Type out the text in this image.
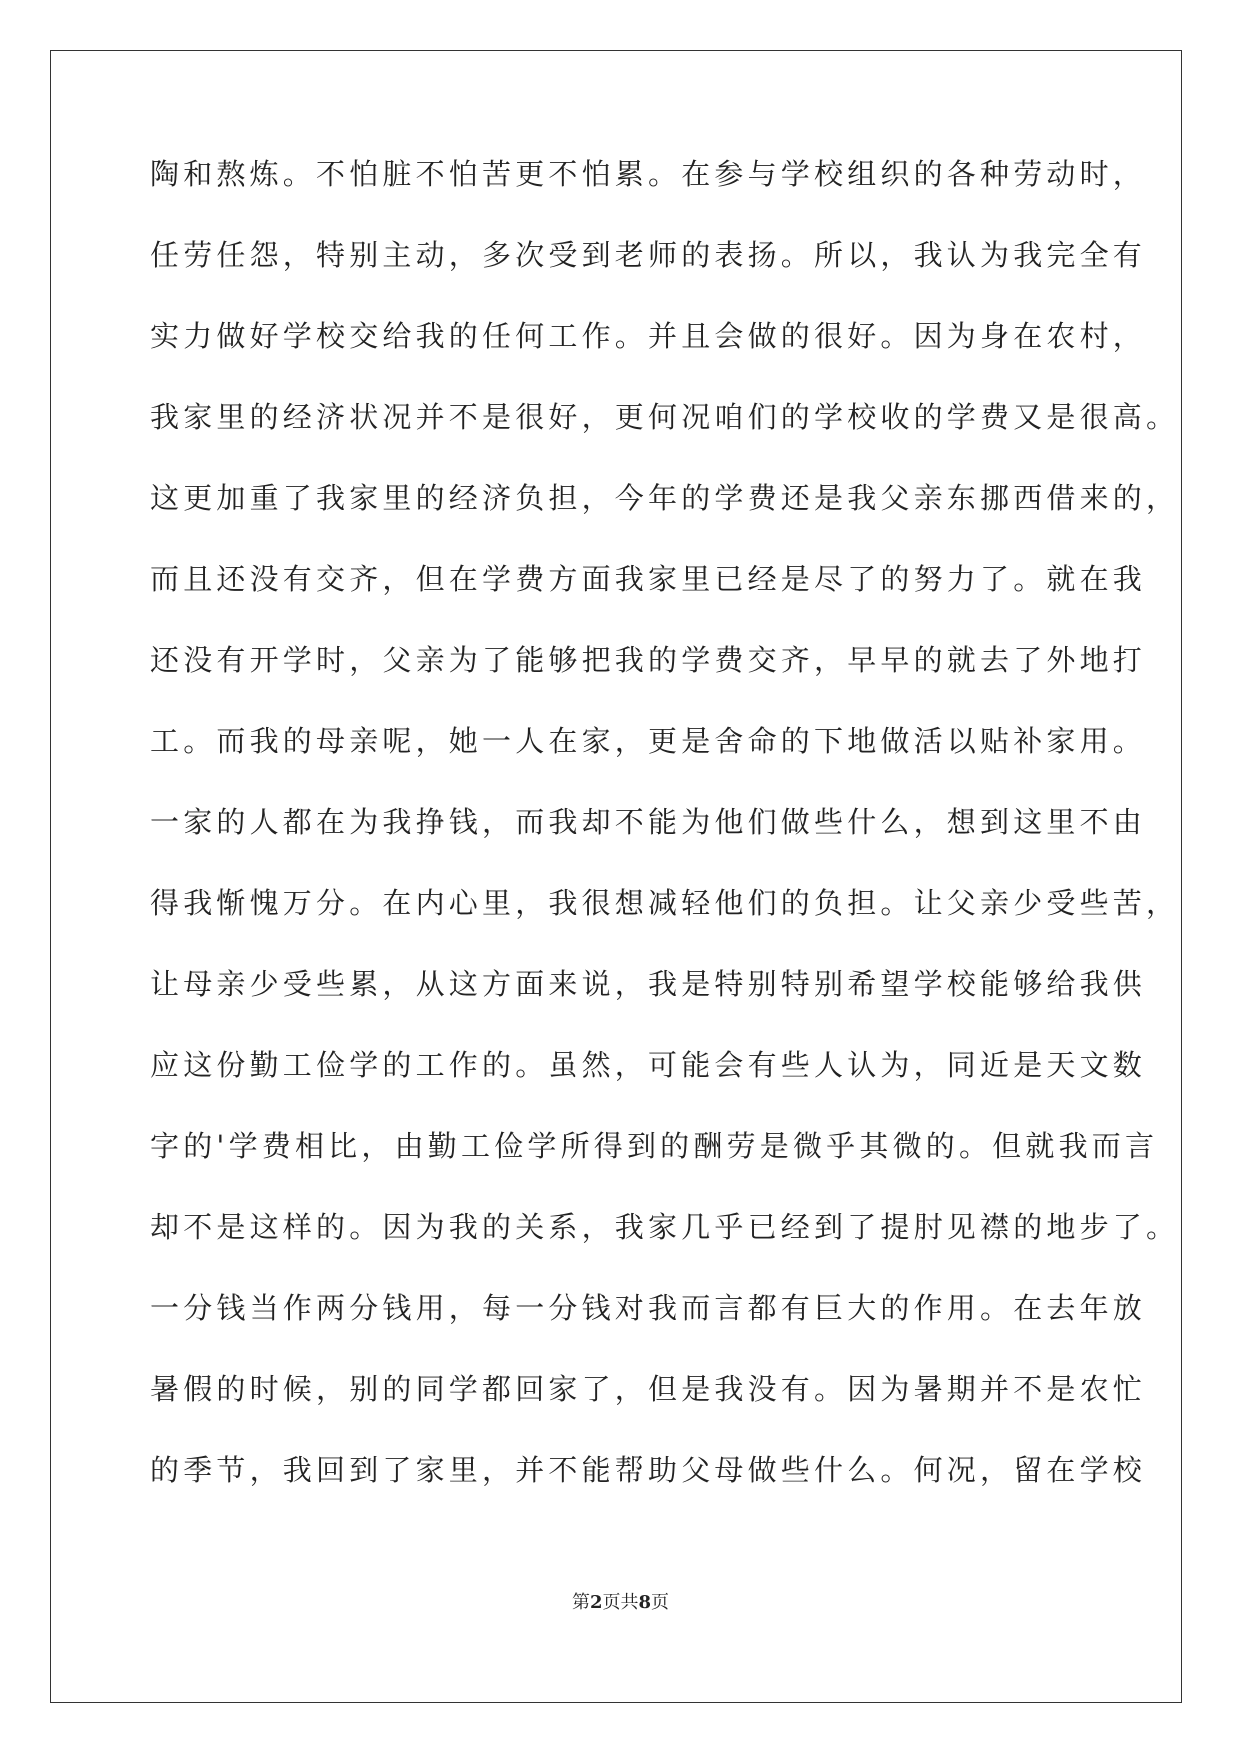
陶和熬炼。不怕脏不怕苦更不怕累。在参与学校组织的各种劳动时，
任劳任怨，特别主动，多次受到老师的表扬。所以，我认为我完全有
实力做好学校交给我的任何工作。并且会做的很好。因为身在农村，
我家里的经济状况并不是很好，更何况咱们的学校收的学费又是很高。
这更加重了我家里的经济负担，今年的学费还是我父亲东挪西借来的，
而且还没有交齐，但在学费方面我家里已经是尽了的努力了。就在我
还没有开学时，父亲为了能够把我的学费交齐，早早的就去了外地打
工。而我的母亲呢，她一人在家，更是舍命的下地做活以贴补家用。
一家的人都在为我挣钱，而我却不能为他们做些什么，想到这里不由
得我惭愧万分。在内心里，我很想减轻他们的负担。让父亲少受些苦，
让母亲少受些累，从这方面来说，我是特别特别希望学校能够给我供
应这份勤工俭学的工作的。虽然，可能会有些人认为，同近是天文数
字的'学费相比，由勤工俭学所得到的酬劳是微乎其微的。但就我而言
却不是这样的。因为我的关系，我家几乎已经到了提肘见襟的地步了。
一分钱当作两分钱用，每一分钱对我而言都有巨大的作用。在去年放
暑假的时候，别的同学都回家了，但是我没有。因为暑期并不是农忙
的季节，我回到了家里，并不能帮助父母做些什么。何况，留在学校
第2页共8页
